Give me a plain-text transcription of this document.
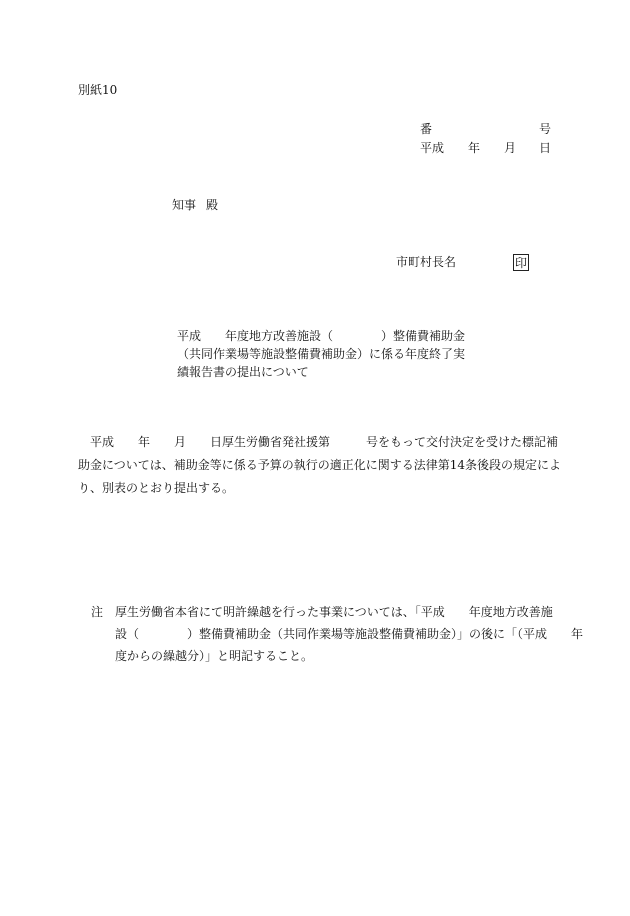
別紙10
番	号
平成 年 月 日
知事 殿
市町村長名	印
平成　　年度地方改善施設（　　　　）整備費補助金
（共同作業場等施設整備費補助金）に係る年度終了実
績報告書の提出について
　平成　　年　　月　　日厚生労働省発社援第　　　号をもって交付決定を受けた標記補
助金については、補助金等に係る予算の執行の適正化に関する法律第14条後段の規定によ
り、別表のとおり提出する。
注　厚生労働省本省にて明許繰越を行った事業については、「平成　　年度地方改善施
　　設（　　　　）整備費補助金（共同作業場等施設整備費補助金）」の後に「（平成　　年
　　度からの繰越分）」と明記すること。
